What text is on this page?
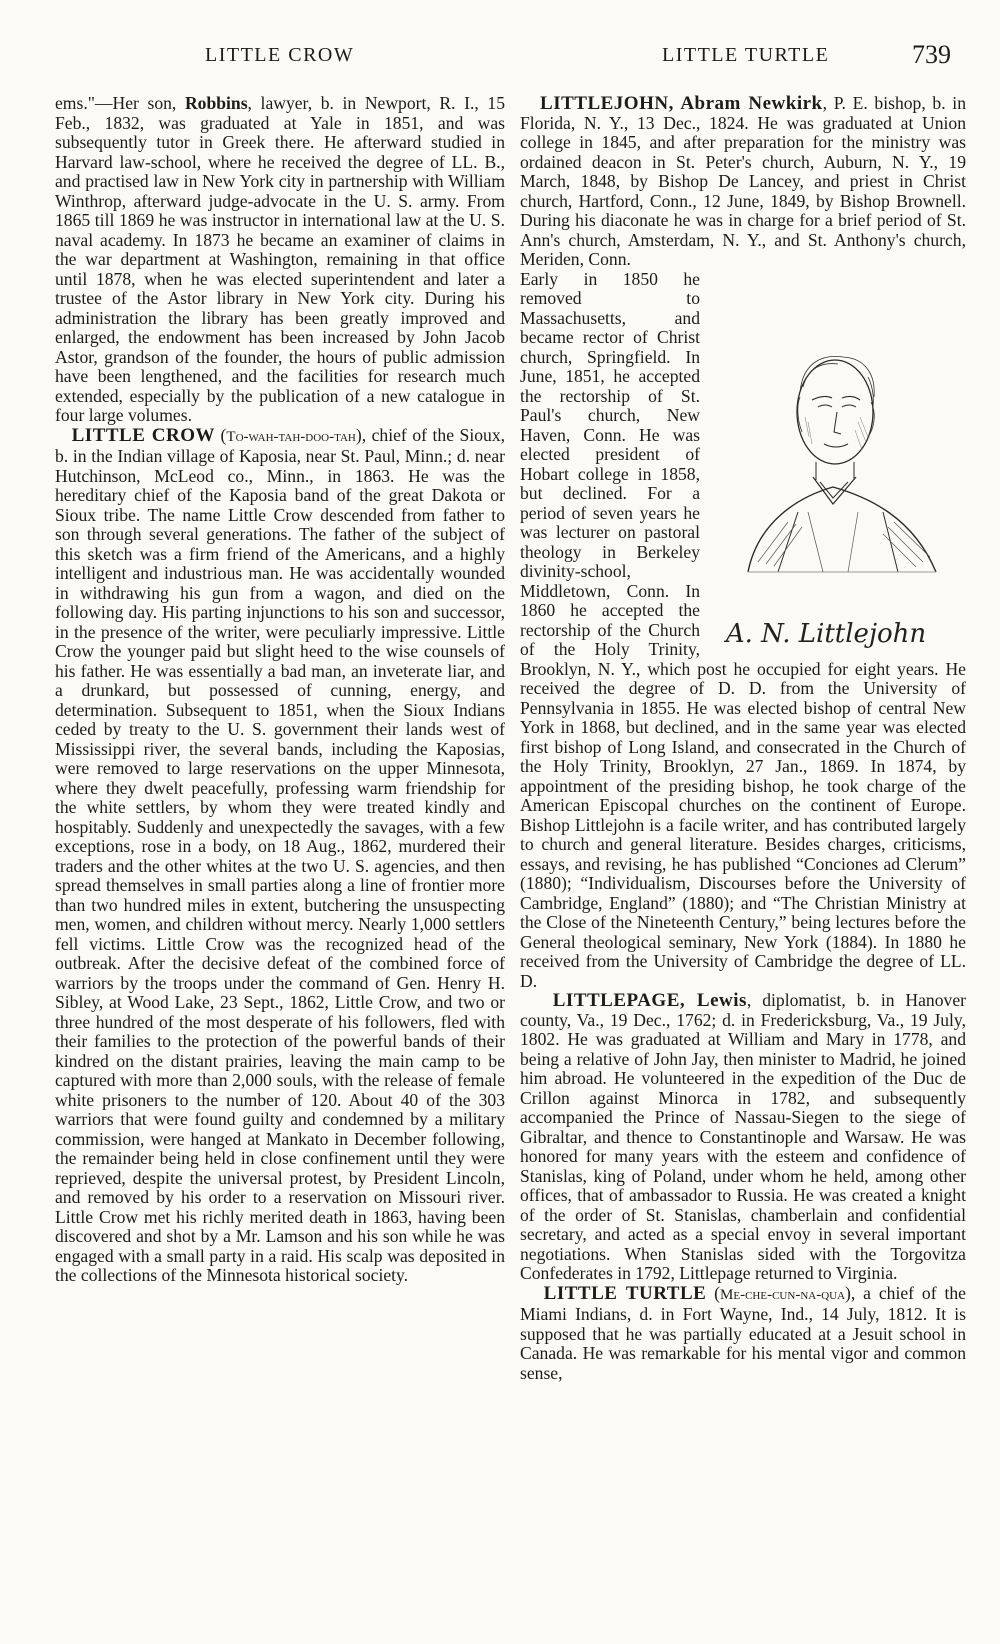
LITTLE CROW	LITTLE TURTLE	739

ems."—Her son, Robbins, lawyer, b. in Newport, R. I., 15 Feb., 1832, was graduated at Yale in 1851, and was subsequently tutor in Greek there. He afterward studied in Harvard law-school, where he received the degree of LL. B., and practised law in New York city in partnership with William Winthrop, afterward judge-advocate in the U. S. army. From 1865 till 1869 he was instructor in international law at the U. S. naval academy. In 1873 he became an examiner of claims in the war department at Washington, remaining in that office until 1878, when he was elected superintendent and later a trustee of the Astor library in New York city. During his administration the library has been greatly improved and enlarged, the endowment has been increased by John Jacob Astor, grandson of the founder, the hours of public admission have been lengthened, and the facilities for research much extended, especially by the publication of a new catalogue in four large volumes.

LITTLE CROW (To-wah-tah-doo-tah), chief of the Sioux, b. in the Indian village of Kaposia, near St. Paul, Minn.; d. near Hutchinson, McLeod co., Minn., in 1863. He was the hereditary chief of the Kaposia band of the great Dakota or Sioux tribe. The name Little Crow descended from father to son through several generations. The father of the subject of this sketch was a firm friend of the Americans, and a highly intelligent and industrious man. He was accidentally wounded in withdrawing his gun from a wagon, and died on the following day. His parting injunctions to his son and successor, in the presence of the writer, were peculiarly impressive. Little Crow the younger paid but slight heed to the wise counsels of his father. He was essentially a bad man, an inveterate liar, and a drunkard, but possessed of cunning, energy, and determination. Subsequent to 1851, when the Sioux Indians ceded by treaty to the U. S. government their lands west of Mississippi river, the several bands, including the Kaposias, were removed to large reservations on the upper Minnesota, where they dwelt peacefully, professing warm friendship for the white settlers, by whom they were treated kindly and hospitably. Suddenly and unexpectedly the savages, with a few exceptions, rose in a body, on 18 Aug., 1862, murdered their traders and the other whites at the two U. S. agencies, and then spread themselves in small parties along a line of frontier more than two hundred miles in extent, butchering the unsuspecting men, women, and children without mercy. Nearly 1,000 settlers fell victims. Little Crow was the recognized head of the outbreak. After the decisive defeat of the combined force of warriors by the troops under the command of Gen. Henry H. Sibley, at Wood Lake, 23 Sept., 1862, Little Crow, and two or three hundred of the most desperate of his followers, fled with their families to the protection of the powerful bands of their kindred on the distant prairies, leaving the main camp to be captured with more than 2,000 souls, with the release of female white prisoners to the number of 120. About 40 of the 303 warriors that were found guilty and condemned by a military commission, were hanged at Mankato in December following, the remainder being held in close confinement until they were reprieved, despite the universal protest, by President Lincoln, and removed by his order to a reservation on Missouri river. Little Crow met his richly merited death in 1863, having been discovered and shot by a Mr. Lamson and his son while he was engaged with a small party in a raid. His scalp was deposited in the collections of the Minnesota historical society.

LITTLEJOHN, Abram Newkirk, P. E. bishop, b. in Florida, N. Y., 13 Dec., 1824. He was graduated at Union college in 1845, and after preparation for the ministry was ordained deacon in St. Peter's church, Auburn, N. Y., 19 March, 1848, by Bishop De Lancey, and priest in Christ church, Hartford, Conn., 12 June, 1849, by Bishop Brownell. During his diaconate he was in charge for a brief period of St. Ann's church, Amsterdam, N. Y., and St. Anthony's church, Meriden, Conn.

A. N. Littlejohn

Early in 1850 he removed to Massachusetts, and became rector of Christ church, Springfield. In June, 1851, he accepted the rectorship of St. Paul's church, New Haven, Conn. He was elected president of Hobart college in 1858, but declined. For a period of seven years he was lecturer on pastoral theology in Berkeley divinity-school, Middletown, Conn. In 1860 he accepted the rectorship of the Church of the Holy Trinity, Brooklyn, N. Y., which post he occupied for eight years. He received the degree of D. D. from the University of Pennsylvania in 1855. He was elected bishop of central New York in 1868, but declined, and in the same year was elected first bishop of Long Island, and consecrated in the Church of the Holy Trinity, Brooklyn, 27 Jan., 1869. In 1874, by appointment of the presiding bishop, he took charge of the American Episcopal churches on the continent of Europe. Bishop Littlejohn is a facile writer, and has contributed largely to church and general literature. Besides charges, criticisms, essays, and revising, he has published “Conciones ad Clerum” (1880); “Individualism, Discourses before the University of Cambridge, England” (1880); and “The Christian Ministry at the Close of the Nineteenth Century,” being lectures before the General theological seminary, New York (1884). In 1880 he received from the University of Cambridge the degree of LL. D.

LITTLEPAGE, Lewis, diplomatist, b. in Hanover county, Va., 19 Dec., 1762; d. in Fredericksburg, Va., 19 July, 1802. He was graduated at William and Mary in 1778, and being a relative of John Jay, then minister to Madrid, he joined him abroad. He volunteered in the expedition of the Duc de Crillon against Minorca in 1782, and subsequently accompanied the Prince of Nassau-Siegen to the siege of Gibraltar, and thence to Constantinople and Warsaw. He was honored for many years with the esteem and confidence of Stanislas, king of Poland, under whom he held, among other offices, that of ambassador to Russia. He was created a knight of the order of St. Stanislas, chamberlain and confidential secretary, and acted as a special envoy in several important negotiations. When Stanislas sided with the Torgovitza Confederates in 1792, Littlepage returned to Virginia.

LITTLE TURTLE (Me-che-cun-na-qua), a chief of the Miami Indians, d. in Fort Wayne, Ind., 14 July, 1812. It is supposed that he was partially educated at a Jesuit school in Canada. He was remarkable for his mental vigor and common sense,
